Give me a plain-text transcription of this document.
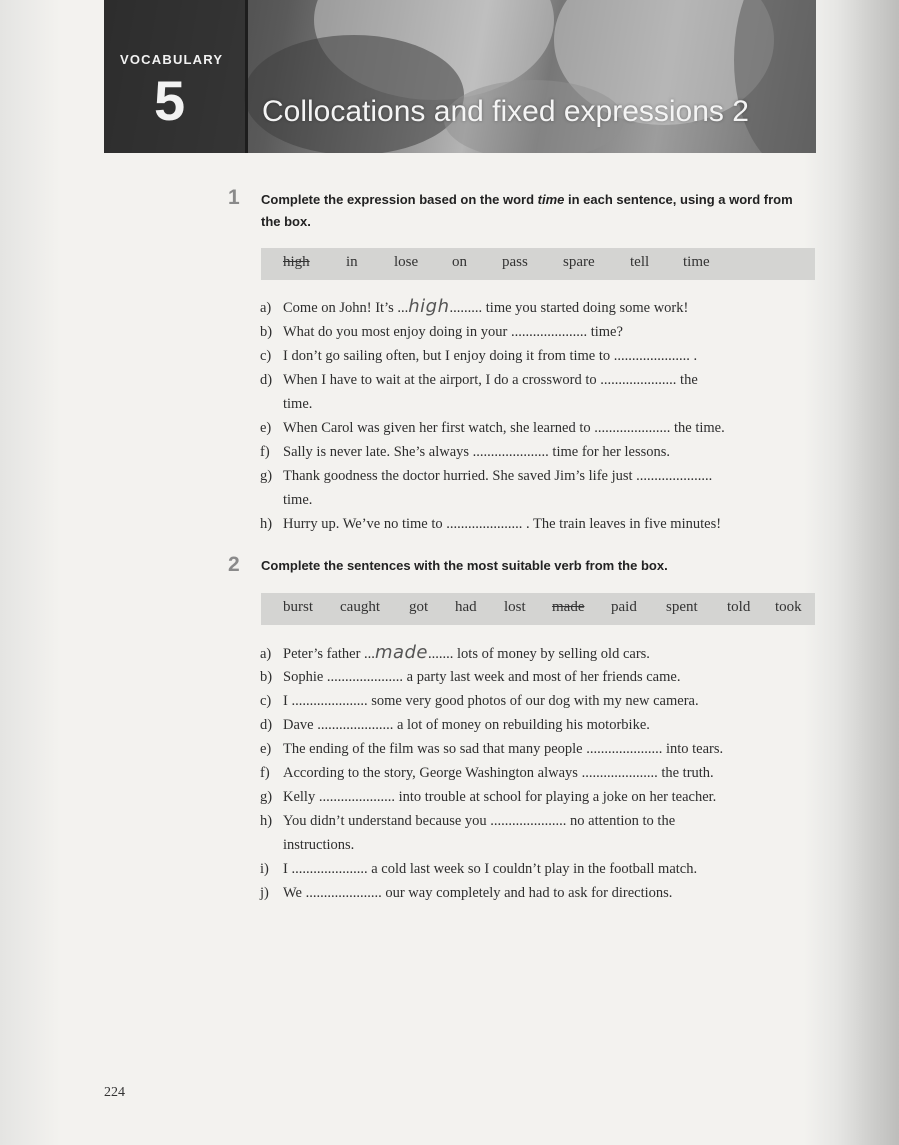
VOCABULARY
5	Collocations and fixed expressions 2
1 Complete the expression based on the word time in each sentence, using a word from the box.
high in lose on pass spare tell time
a) Come on John! It’s ...high......... time you started doing some work!
b) What do you most enjoy doing in your ..................... time?
c) I don’t go sailing often, but I enjoy doing it from time to ..................... .
d) When I have to wait at the airport, I do a crossword to ..................... the
time.
e) When Carol was given her first watch, she learned to ..................... the time.
f) Sally is never late. She’s always ..................... time for her lessons.
g) Thank goodness the doctor hurried. She saved Jim’s life just .....................
time.
h) Hurry up. We’ve no time to ..................... . The train leaves in five minutes!
2 Complete the sentences with the most suitable verb from the box.
burst caught got had lost made paid spent told took
a) Peter’s father ...made....... lots of money by selling old cars.
b) Sophie ..................... a party last week and most of her friends came.
c) I ..................... some very good photos of our dog with my new camera.
d) Dave ..................... a lot of money on rebuilding his motorbike.
e) The ending of the film was so sad that many people ..................... into tears.
f) According to the story, George Washington always ..................... the truth.
g) Kelly ..................... into trouble at school for playing a joke on her teacher.
h) You didn’t understand because you ..................... no attention to the
instructions.
i) I ..................... a cold last week so I couldn’t play in the football match.
j) We ..................... our way completely and had to ask for directions.
224
